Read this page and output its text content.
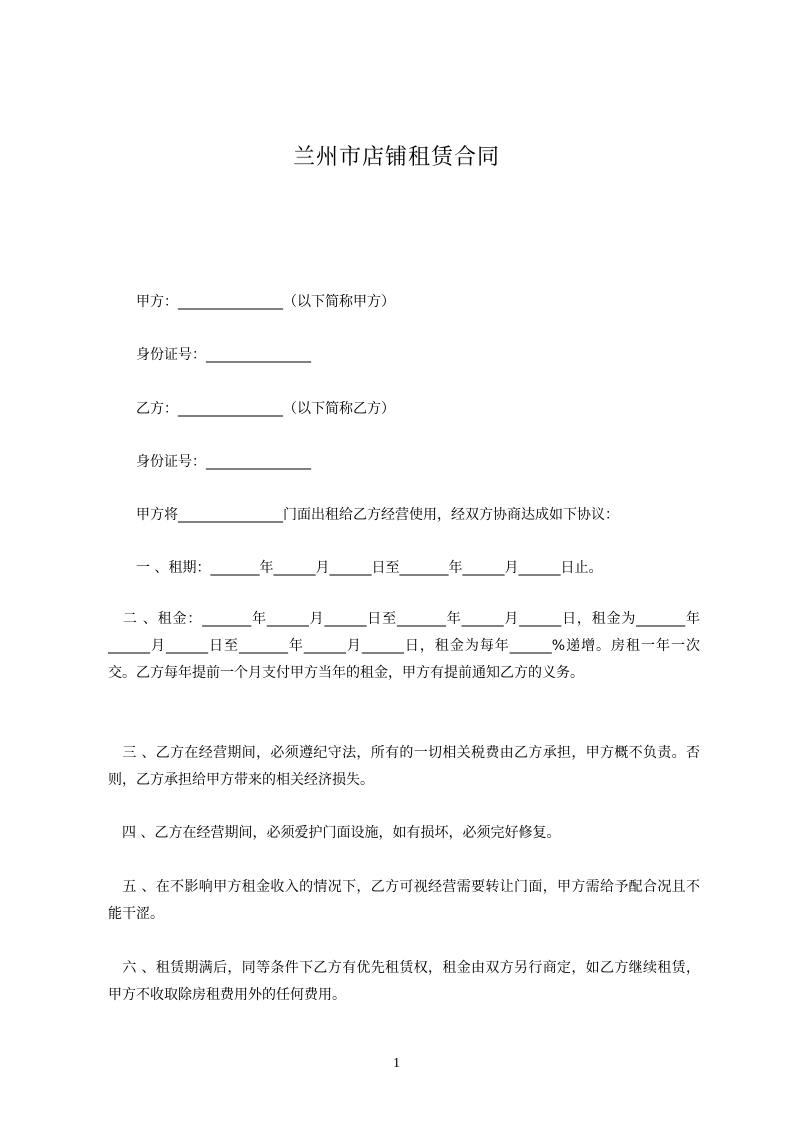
兰州市店铺租赁合同
甲方：_______________（以下简称甲方）
身份证号：_______________
乙方：_______________（以下简称乙方）
身份证号：_______________
甲方将_______________门面出租给乙方经营使用，经双方协商达成如下协议：
一 、租期：_______年______月______日至_______年______月______日止。
　二 、租金：_______年______月______日至_______年______月______日，租金为_______年______月______日至_______年______月______日，租金为每年______%递增。房租一年一次交。乙方每年提前一个月支付甲方当年的租金，甲方有提前通知乙方的义务。
　三 、乙方在经营期间，必须遵纪守法，所有的一切相关税费由乙方承担，甲方概不负责。否则，乙方承担给甲方带来的相关经济损失。
　四 、乙方在经营期间，必须爱护门面设施，如有损坏，必须完好修复。
　五 、在不影响甲方租金收入的情况下，乙方可视经营需要转让门面，甲方需给予配合况且不能干涩。
　六 、租赁期满后，同等条件下乙方有优先租赁权，租金由双方另行商定，如乙方继续租赁，甲方不收取除房租费用外的任何费用。
1
